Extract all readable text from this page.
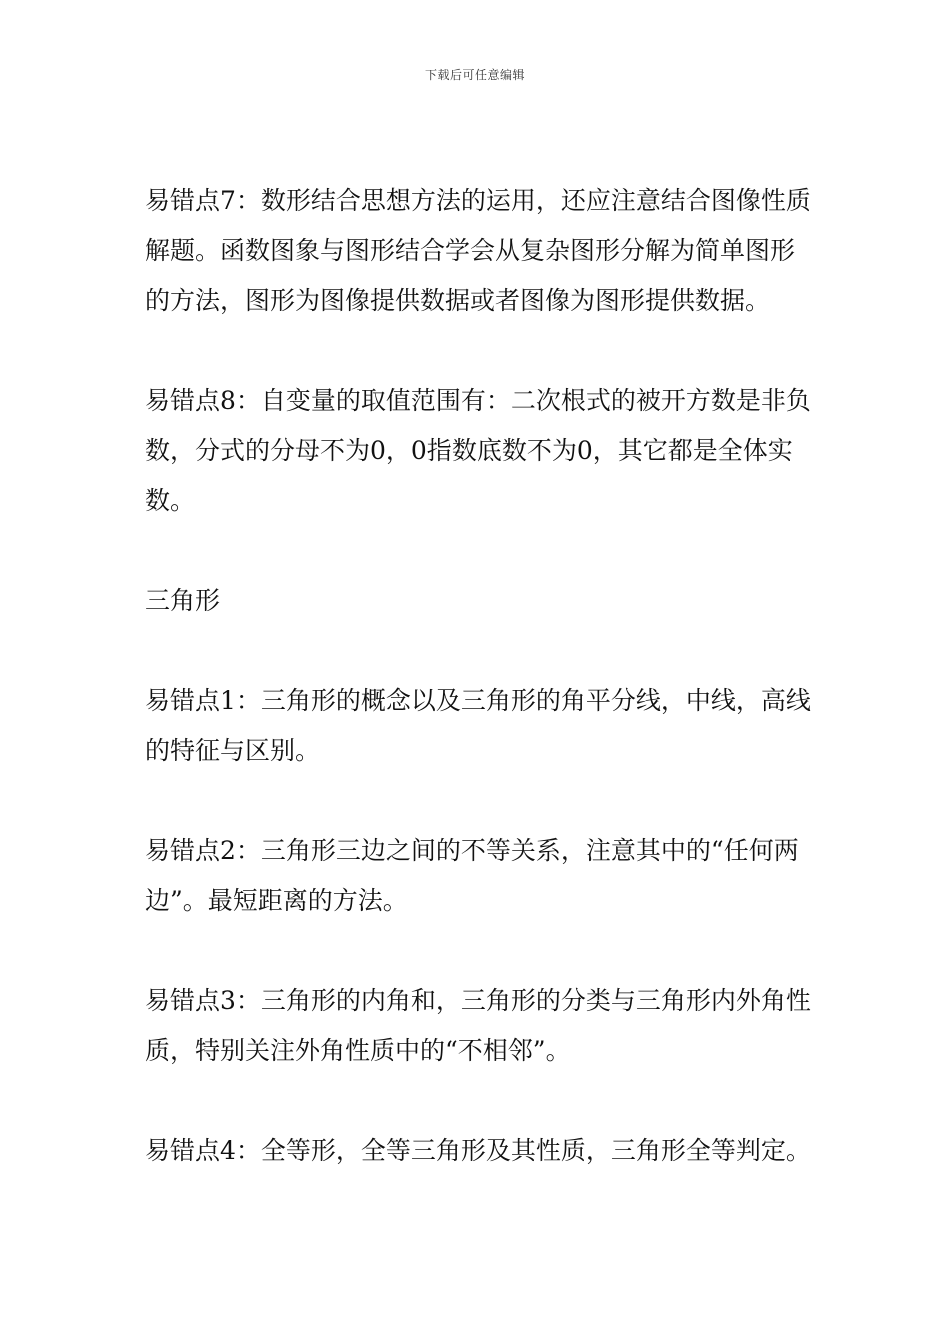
下载后可任意编辑

易错点7：数形结合思想方法的运用，还应注意结合图像性质解题。函数图象与图形结合学会从复杂图形分解为简单图形的方法，图形为图像提供数据或者图像为图形提供数据。

易错点8：自变量的取值范围有：二次根式的被开方数是非负数，分式的分母不为0，0指数底数不为0，其它都是全体实数。

三角形

易错点1：三角形的概念以及三角形的角平分线，中线，高线的特征与区别。

易错点2：三角形三边之间的不等关系，注意其中的“任何两边”。最短距离的方法。

易错点3：三角形的内角和，三角形的分类与三角形内外角性质，特别关注外角性质中的“不相邻”。

易错点4：全等形，全等三角形及其性质，三角形全等判定。
